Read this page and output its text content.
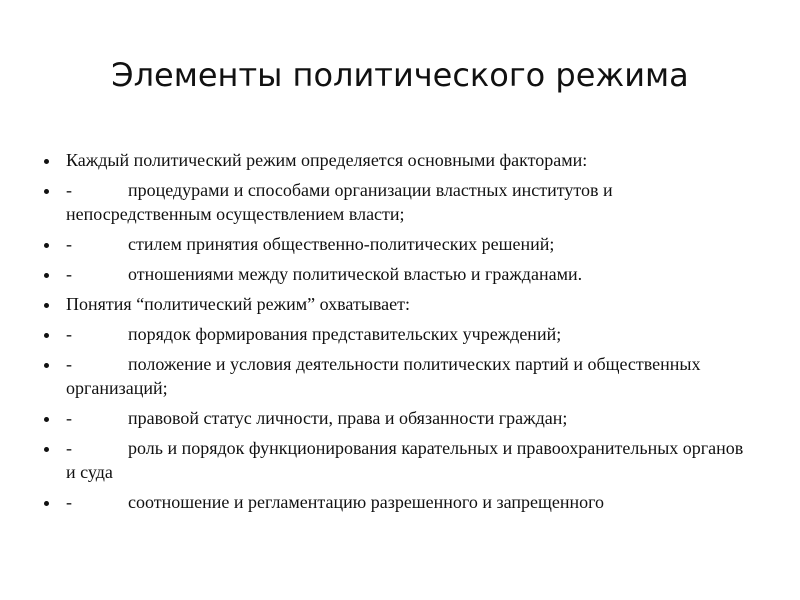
Элементы политического режима
Каждый политический режим определяется основными факторами:
-	процедурами и способами организации властных институтов и непосредственным осуществлением власти;
-	стилем принятия общественно-политических решений;
-	отношениями между политической властью и гражданами.
Понятия “политический режим” охватывает:
-	порядок формирования представительских учреждений;
-	положение и условия деятельности политических партий и общественных организаций;
-	правовой статус личности, права и обязанности граждан;
-	роль и порядок функционирования карательных и правоохранительных органов и суда
-	соотношение и регламентацию разрешенного и запрещенного
